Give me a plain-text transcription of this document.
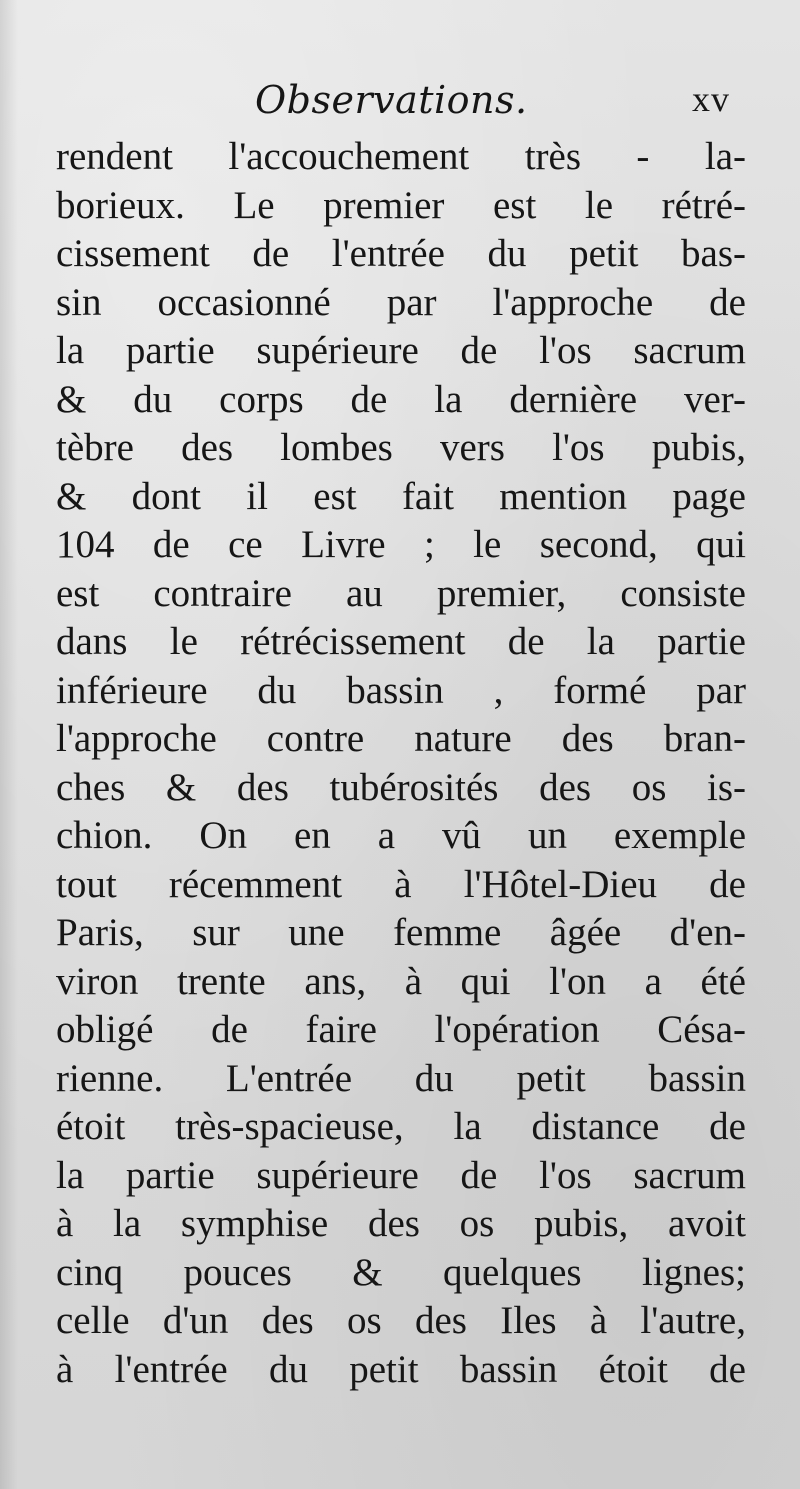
Observations.	xv
rendent l'accouchement très - la-
borieux. Le premier est le rétré-
cissement de l'entrée du petit bas-
sin occasionné par l'approche de
la partie supérieure de l'os sacrum
& du corps de la dernière ver-
tèbre des lombes vers l'os pubis,
& dont il est fait mention page
104 de ce Livre ; le second, qui
est contraire au premier, consiste
dans le rétrécissement de la partie
inférieure du bassin , formé par
l'approche contre nature des bran-
ches & des tubérosités des os is-
chion. On en a vû un exemple
tout récemment à l'Hôtel-Dieu de
Paris, sur une femme âgée d'en-
viron trente ans, à qui l'on a été
obligé de faire l'opération Césa-
rienne. L'entrée du petit bassin
étoit très-spacieuse, la distance de
la partie supérieure de l'os sacrum
à la symphise des os pubis, avoit
cinq pouces & quelques lignes;
celle d'un des os des Iles à l'autre,
à l'entrée du petit bassin étoit de
